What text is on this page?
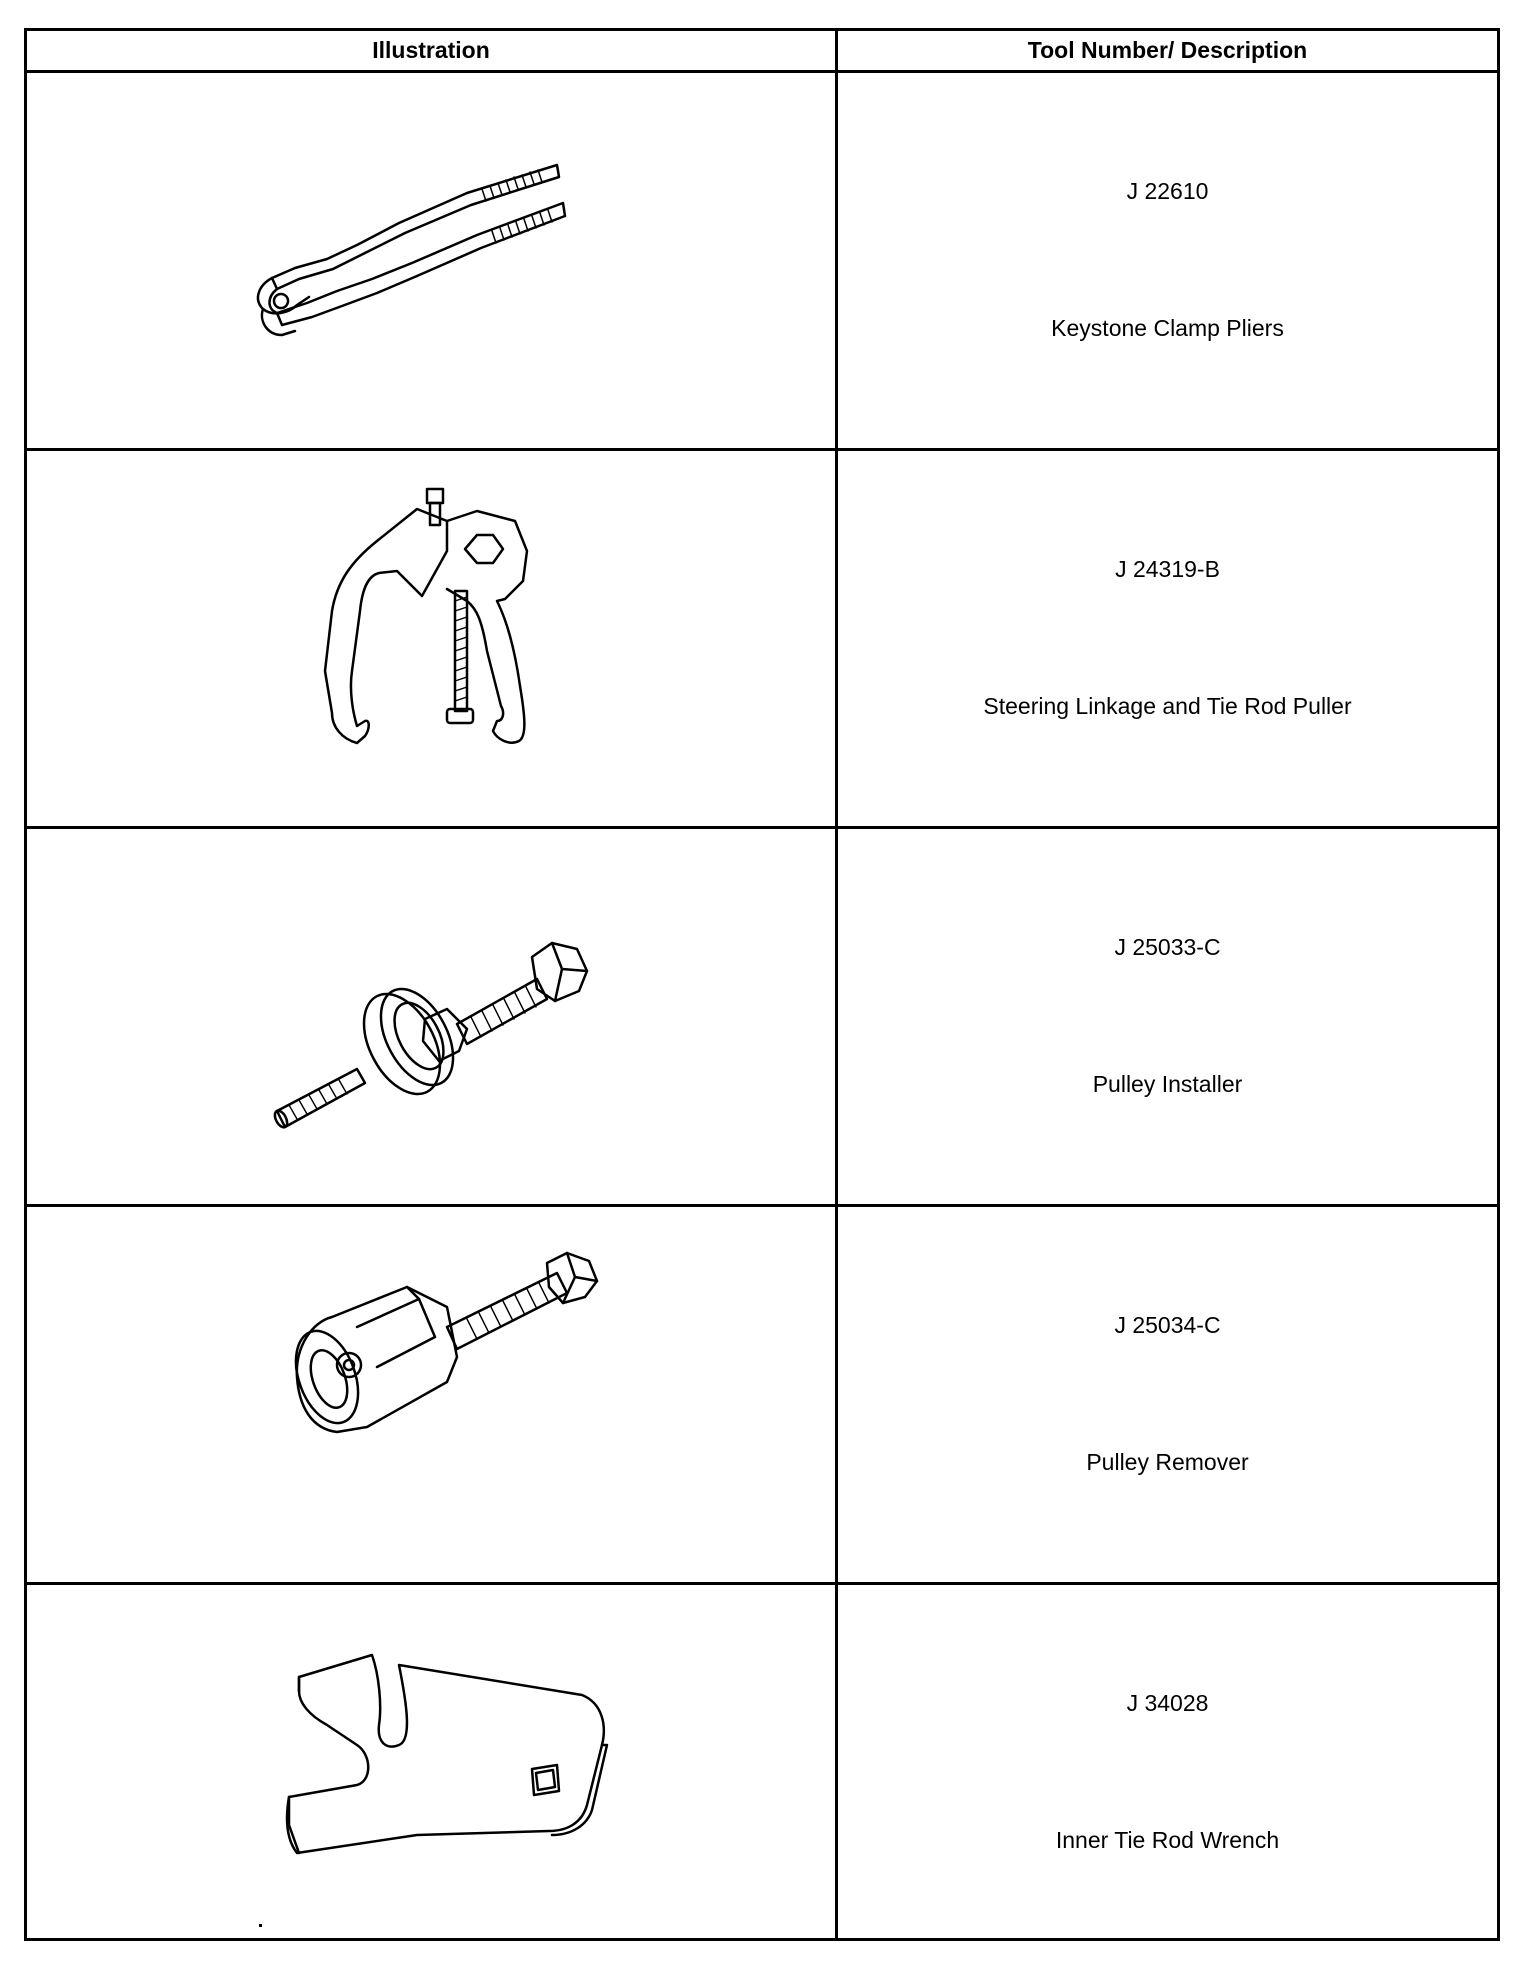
Illustration	Tool Number/ Description
J 22610
Keystone Clamp Pliers
J 24319-B
Steering Linkage and Tie Rod Puller
J 25033-C
Pulley Installer
J 25034-C
Pulley Remover
J 34028
Inner Tie Rod Wrench
